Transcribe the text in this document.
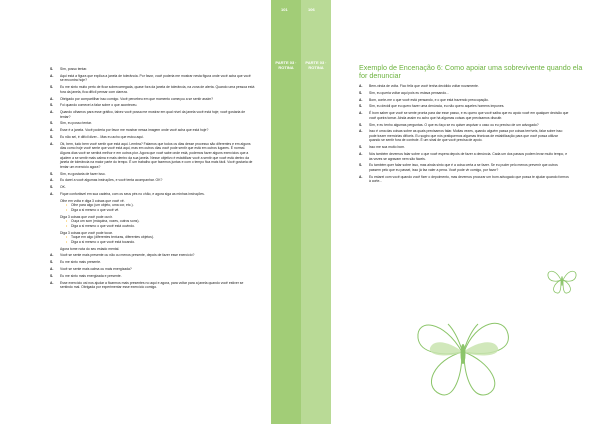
S.	Sim, posso tentar.
A.	Aqui está a figura que explica a janela de tolerância. Por favor, você poderia me mostrar nesta figura onde você acha que você se encontra hoje?
S.	Eu me sinto muito perto de ficar sobrecarregada, quase fora da janela de tolerância, na zona de alerta. Quando uma pessoa está fora da janela, fica difícil pensar com clareza.
A.	Obrigado por compartilhar isso comigo. Você percebeu em que momento começou a se sentir assim?
S.	Foi quando comecei a falar sobre o que aconteceu.
A.	Quando olhamos para esse gráfico, talvez você possa me mostrar em qual nível da janela você está hoje; você gostaria de tentar?
S.	Sim, eu posso tentar.
A.	Esse é a janela. Você poderia por favor me mostrar nessa imagem onde você acha que está hoje?
S.	Eu não sei, é difícil dizer... Mas eu acho que estou aqui.
A.	Ok, bem, tudo bem você sentir que está aqui. Lembra? Falamos que todos os dias desse processo são diferentes e em alguns dias como hoje você sente que você está aqui, mas em outros dias você pode sentir que está em outros lugares. É normal. Alguns dias você se sentirá melhor e em outros pior. Agora que você sabe onde está, podemos fazer alguns exercícios que a ajudem a se sentir mais calma e mais dentro da sua janela. Nesse objetivo é estabilizar você a sentir que você está dentro da janela de tolerância na maior parte do tempo. É um trabalho que fazemos juntas e com o tempo fica mais fácil. Você gostaria de tentar um exercício agora?
S.	Sim, eu gostaria de fazer isso.
A.	Eu darei a você algumas instruções, e você tenta acompanhar. OK?
S.	OK.
A.	Fique confortável em sua cadeira, com os seus pés no chão, e agora siga as minhas instruções.
Olhe em volta e diga 3 coisas que você vê.
•	Olhe para algo (um objeto, uma cor, etc.).
•	Diga a si mesmo o que você vê.
Diga 3 coisas que você pode ouvir.
•	Ouça um som (máquina, vozes, outros sons).
•	Diga a si mesmo o que você está ouvindo.
Diga 3 coisas que você pode tocar.
•	Toque em algo (diferentes texturas, diferentes objetos).
•	Diga a si mesmo o que você está tocando.
Agora tome nota do seu estado mental.
A.	Você se sente mais presente ou não ou menos presente, depois de fazer esse exercício?
S.	Eu me sinto mais presente.
A.	Você se sente mais calma ou mais energizada?
S.	Eu me sinto mais energizada e presente.
A.	Esse exercício vai nos ajudar a ficarmos mais presentes no aqui e agora, para voltar para a janela quando você estiver se sentindo mal. Obrigada por experimentar esse exercício comigo.
101	106
PARTE 03 · ROTINA
PARTE 03 · ROTINA	Exemplo de Encenação 6: Como apoiar uma sobrevivente quando ela for denunciar
A.	Bem-vinda de volta. Fico feliz que você tenha decidido voltar novamente.
S.	Sim, eu queria voltar aqui pois eu estava pensando...
A.	Bom, conte-me o que você está pensando, e o que está trazendo preocupação.
S.	Sim, eu decidi que eu quero fazer uma denúncia, eu não quero aqueles homens impunes.
A.	É bom saber que você se sente pronta para dar esse passo, e eu quero que você saiba que eu apoio você em qualquer decisão que você queira tomar. Ainda assim eu acho que há algumas coisas que precisamos discutir.
S.	Sim, e eu tenho algumas perguntas. O que eu faço se eu quiser arquivar o caso ou eu preciso de um advogado?
A.	Isso é uma das coisas sobre as quais precisamos falar. Muitas vezes, quando alguém passa por coisas terríveis, falar sobre isso pode trazer memórias difíceis. Eu sugiro que nós pratiquemos algumas técnicas de estabilização para que você possa utilizar quando se sentir fora de controle. É um sinal de que você precisa de apoio.
S.	Isso me soa muito bom.
A.	Nós também devemos falar sobre o que você espera depois de fazer a denúncia. Cada um dos passos podem levar muito tempo, e às vezes se agravam nem são fáceis.
S.	Eu também quer falar sobre isso, mas ainda sinto que é a coisa certa a se fazer. Se eu puder pelo menos prevenir que outros passem pelo que eu passei, isso já faz valer a pena. Você pode vir comigo, por favor?
A.	Eu estarei com você quando você fizer o depoimento, mas devemos procurar um bom advogado que possa te ajudar quando formos à corte...
